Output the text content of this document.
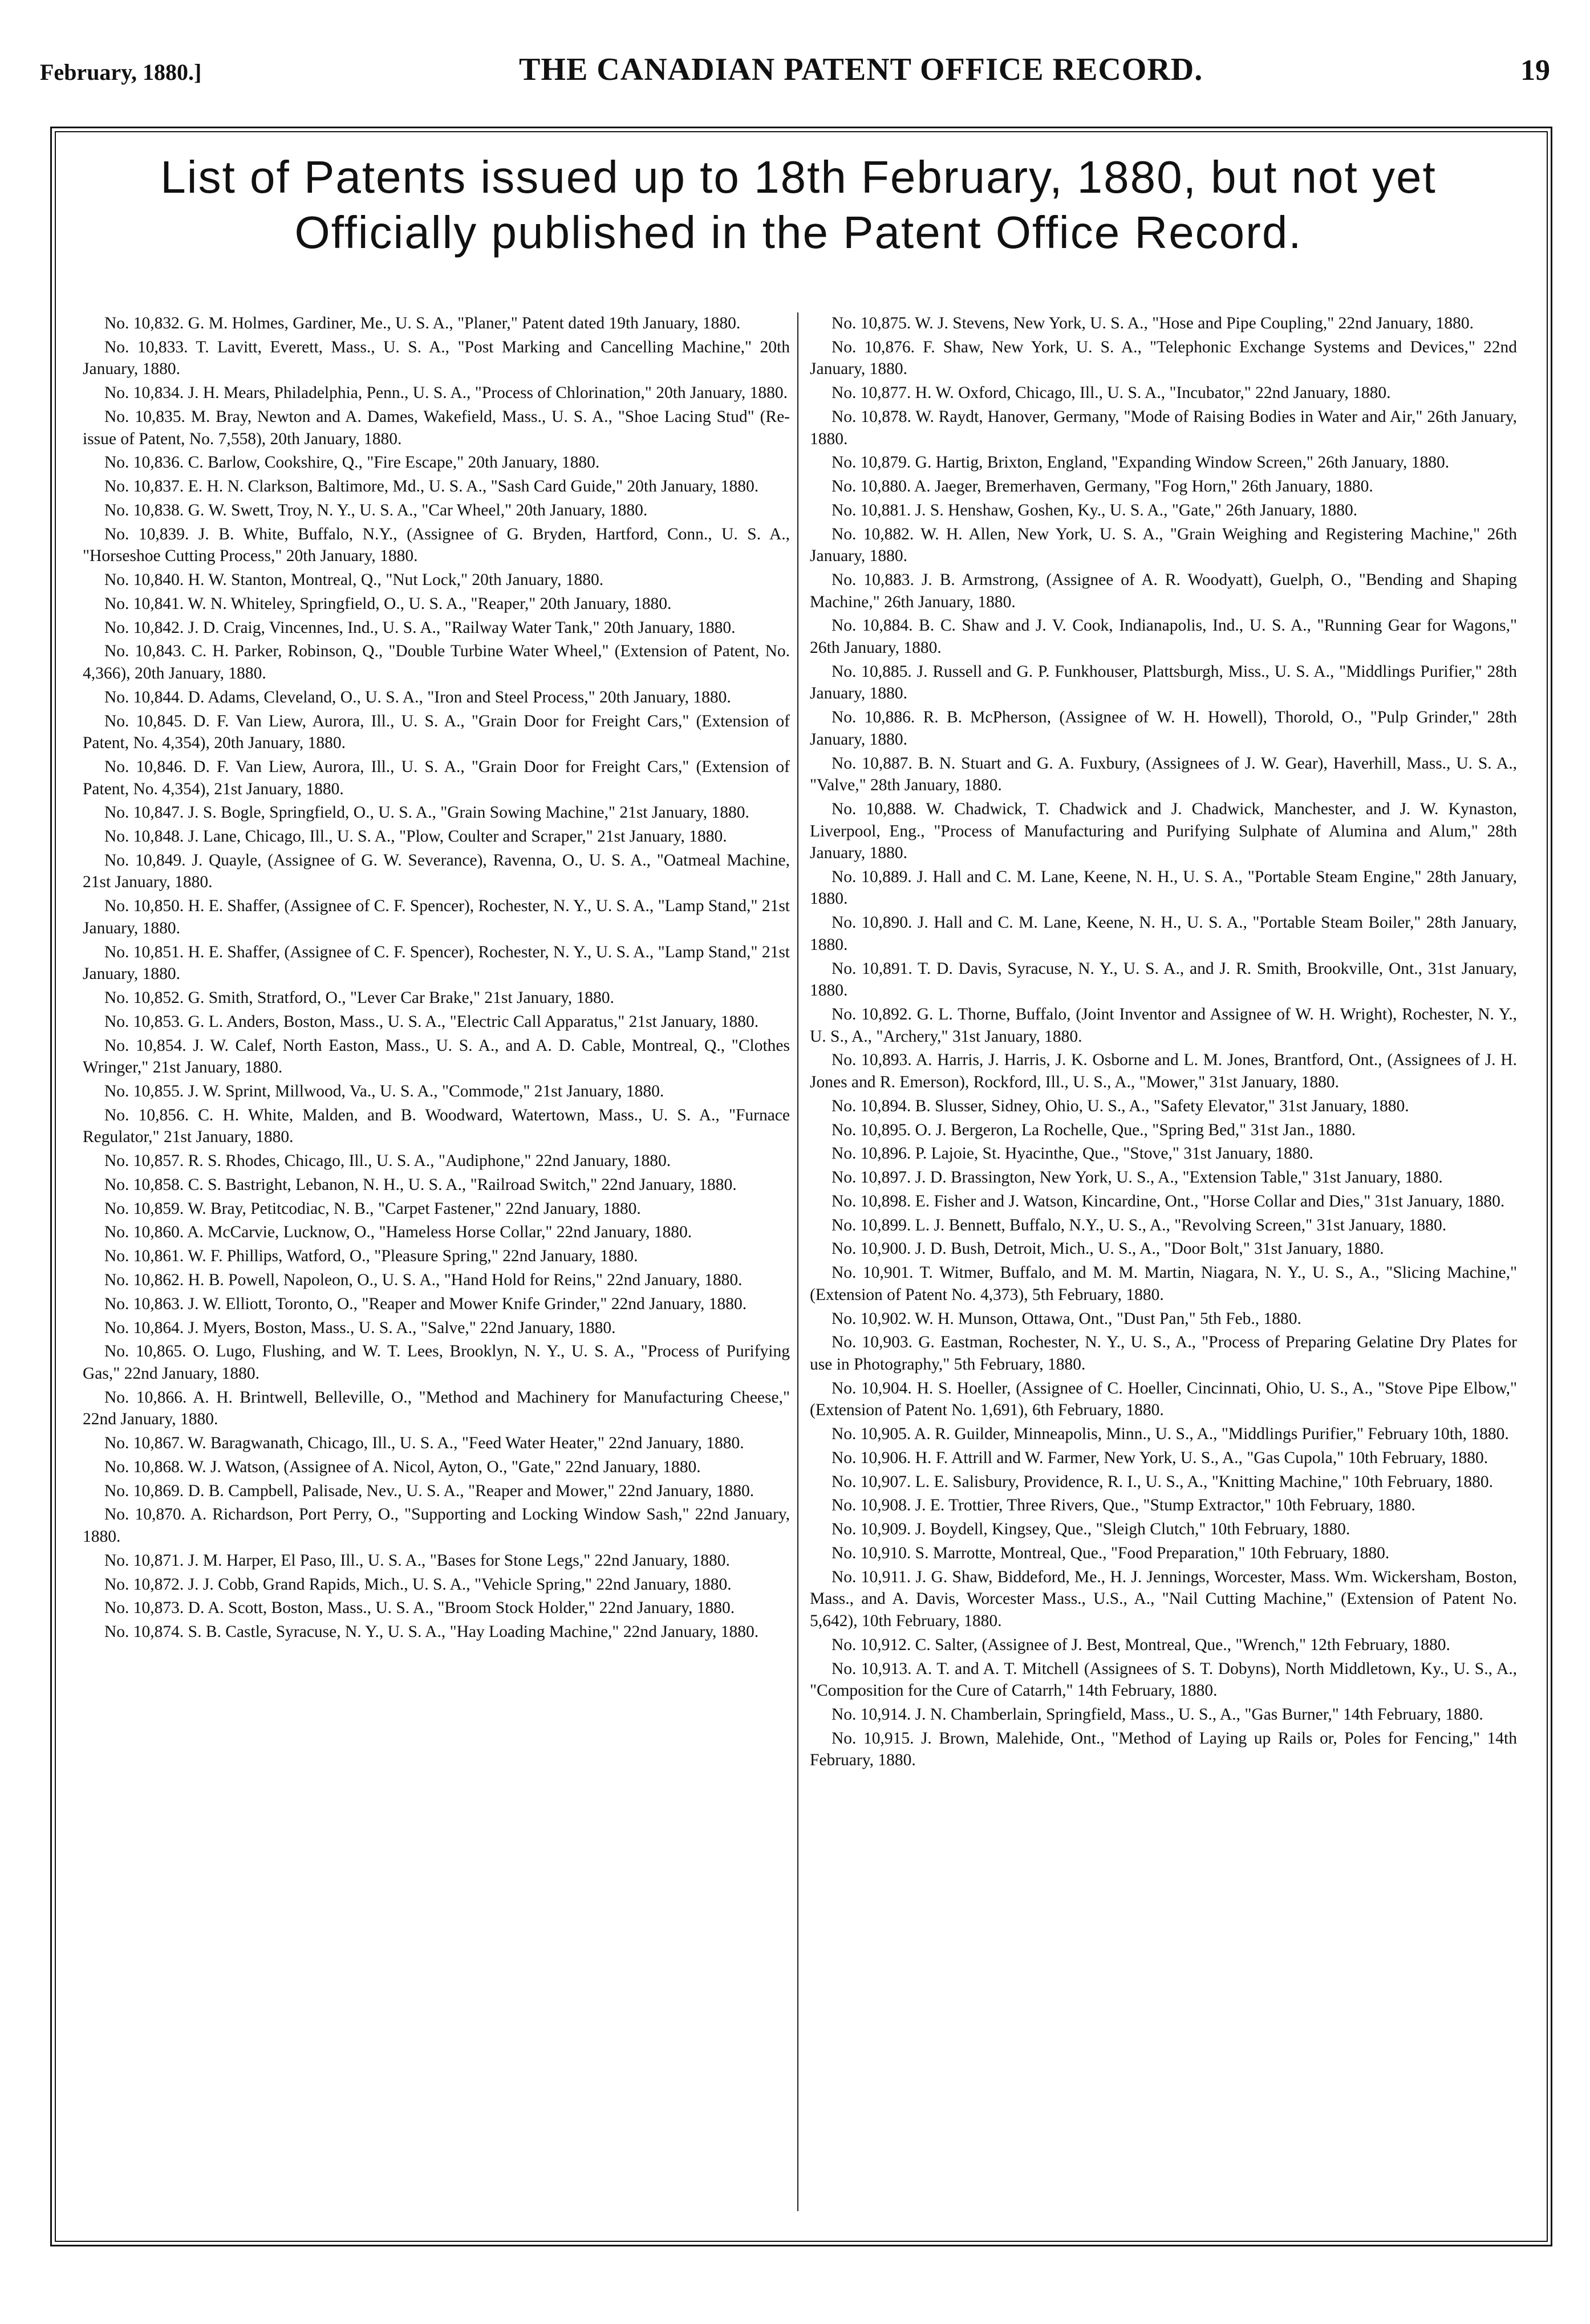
February, 1880.]	THE CANADIAN PATENT OFFICE RECORD.	19
List of Patents issued up to 18th February, 1880, but not yet
Officially published in the Patent Office Record.

No. 10,832. G. M. Holmes, Gardiner, Me., U. S. A., "Planer," Patent dated 19th January, 1880.

No. 10,833. T. Lavitt, Everett, Mass., U. S. A., "Post Marking and Cancelling Machine," 20th January, 1880.

No. 10,834. J. H. Mears, Philadelphia, Penn., U. S. A., "Process of Chlorination," 20th January, 1880.

No. 10,835. M. Bray, Newton and A. Dames, Wakefield, Mass., U. S. A., "Shoe Lacing Stud" (Re-issue of Patent, No. 7,558), 20th January, 1880.

No. 10,836. C. Barlow, Cookshire, Q., "Fire Escape," 20th January, 1880.

No. 10,837. E. H. N. Clarkson, Baltimore, Md., U. S. A., "Sash Card Guide," 20th January, 1880.

No. 10,838. G. W. Swett, Troy, N. Y., U. S. A., "Car Wheel," 20th January, 1880.

No. 10,839. J. B. White, Buffalo, N.Y., (Assignee of G. Bryden, Hartford, Conn., U. S. A., "Horseshoe Cutting Process," 20th January, 1880.

No. 10,840. H. W. Stanton, Montreal, Q., "Nut Lock," 20th January, 1880.

No. 10,841. W. N. Whiteley, Springfield, O., U. S. A., "Reaper," 20th January, 1880.

No. 10,842. J. D. Craig, Vincennes, Ind., U. S. A., "Railway Water Tank," 20th January, 1880.

No. 10,843. C. H. Parker, Robinson, Q., "Double Turbine Water Wheel," (Extension of Patent, No. 4,366), 20th January, 1880.

No. 10,844. D. Adams, Cleveland, O., U. S. A., "Iron and Steel Process," 20th January, 1880.

No. 10,845. D. F. Van Liew, Aurora, Ill., U. S. A., "Grain Door for Freight Cars," (Extension of Patent, No. 4,354), 20th January, 1880.

No. 10,846. D. F. Van Liew, Aurora, Ill., U. S. A., "Grain Door for Freight Cars," (Extension of Patent, No. 4,354), 21st January, 1880.

No. 10,847. J. S. Bogle, Springfield, O., U. S. A., "Grain Sowing Machine," 21st January, 1880.

No. 10,848. J. Lane, Chicago, Ill., U. S. A., "Plow, Coulter and Scraper," 21st January, 1880.

No. 10,849. J. Quayle, (Assignee of G. W. Severance), Ravenna, O., U. S. A., "Oatmeal Machine, 21st January, 1880.

No. 10,850. H. E. Shaffer, (Assignee of C. F. Spencer), Rochester, N. Y., U. S. A., "Lamp Stand," 21st January, 1880.

No. 10,851. H. E. Shaffer, (Assignee of C. F. Spencer), Rochester, N. Y., U. S. A., "Lamp Stand," 21st January, 1880.

No. 10,852. G. Smith, Stratford, O., "Lever Car Brake," 21st January, 1880.

No. 10,853. G. L. Anders, Boston, Mass., U. S. A., "Electric Call Apparatus," 21st January, 1880.

No. 10,854. J. W. Calef, North Easton, Mass., U. S. A., and A. D. Cable, Montreal, Q., "Clothes Wringer," 21st January, 1880.

No. 10,855. J. W. Sprint, Millwood, Va., U. S. A., "Commode," 21st January, 1880.

No. 10,856. C. H. White, Malden, and B. Woodward, Watertown, Mass., U. S. A., "Furnace Regulator," 21st January, 1880.

No. 10,857. R. S. Rhodes, Chicago, Ill., U. S. A., "Audiphone," 22nd January, 1880.

No. 10,858. C. S. Bastright, Lebanon, N. H., U. S. A., "Railroad Switch," 22nd January, 1880.

No. 10,859. W. Bray, Petitcodiac, N. B., "Carpet Fastener," 22nd January, 1880.

No. 10,860. A. McCarvie, Lucknow, O., "Hameless Horse Collar," 22nd January, 1880.

No. 10,861. W. F. Phillips, Watford, O., "Pleasure Spring," 22nd January, 1880.

No. 10,862. H. B. Powell, Napoleon, O., U. S. A., "Hand Hold for Reins," 22nd January, 1880.

No. 10,863. J. W. Elliott, Toronto, O., "Reaper and Mower Knife Grinder," 22nd January, 1880.

No. 10,864. J. Myers, Boston, Mass., U. S. A., "Salve," 22nd January, 1880.

No. 10,865. O. Lugo, Flushing, and W. T. Lees, Brooklyn, N. Y., U. S. A., "Process of Purifying Gas," 22nd January, 1880.

No. 10,866. A. H. Brintwell, Belleville, O., "Method and Machinery for Manufacturing Cheese," 22nd January, 1880.

No. 10,867. W. Baragwanath, Chicago, Ill., U. S. A., "Feed Water Heater," 22nd January, 1880.

No. 10,868. W. J. Watson, (Assignee of A. Nicol, Ayton, O., "Gate," 22nd January, 1880.

No. 10,869. D. B. Campbell, Palisade, Nev., U. S. A., "Reaper and Mower," 22nd January, 1880.

No. 10,870. A. Richardson, Port Perry, O., "Supporting and Locking Window Sash," 22nd January, 1880.

No. 10,871. J. M. Harper, El Paso, Ill., U. S. A., "Bases for Stone Legs," 22nd January, 1880.

No. 10,872. J. J. Cobb, Grand Rapids, Mich., U. S. A., "Vehicle Spring," 22nd January, 1880.

No. 10,873. D. A. Scott, Boston, Mass., U. S. A., "Broom Stock Holder," 22nd January, 1880.

No. 10,874. S. B. Castle, Syracuse, N. Y., U. S. A., "Hay Loading Machine," 22nd January, 1880.

No. 10,875. W. J. Stevens, New York, U. S. A., "Hose and Pipe Coupling," 22nd January, 1880.

No. 10,876. F. Shaw, New York, U. S. A., "Telephonic Exchange Systems and Devices," 22nd January, 1880.

No. 10,877. H. W. Oxford, Chicago, Ill., U. S. A., "Incubator," 22nd January, 1880.

No. 10,878. W. Raydt, Hanover, Germany, "Mode of Raising Bodies in Water and Air," 26th January, 1880.

No. 10,879. G. Hartig, Brixton, England, "Expanding Window Screen," 26th January, 1880.

No. 10,880. A. Jaeger, Bremerhaven, Germany, "Fog Horn," 26th January, 1880.

No. 10,881. J. S. Henshaw, Goshen, Ky., U. S. A., "Gate," 26th January, 1880.

No. 10,882. W. H. Allen, New York, U. S. A., "Grain Weighing and Registering Machine," 26th January, 1880.

No. 10,883. J. B. Armstrong, (Assignee of A. R. Woodyatt), Guelph, O., "Bending and Shaping Machine," 26th January, 1880.

No. 10,884. B. C. Shaw and J. V. Cook, Indianapolis, Ind., U. S. A., "Running Gear for Wagons," 26th January, 1880.

No. 10,885. J. Russell and G. P. Funkhouser, Plattsburgh, Miss., U. S. A., "Middlings Purifier," 28th January, 1880.

No. 10,886. R. B. McPherson, (Assignee of W. H. Howell), Thorold, O., "Pulp Grinder," 28th January, 1880.

No. 10,887. B. N. Stuart and G. A. Fuxbury, (Assignees of J. W. Gear), Haverhill, Mass., U. S. A., "Valve," 28th January, 1880.

No. 10,888. W. Chadwick, T. Chadwick and J. Chadwick, Manchester, and J. W. Kynaston, Liverpool, Eng., "Process of Manufacturing and Purifying Sulphate of Alumina and Alum," 28th January, 1880.

No. 10,889. J. Hall and C. M. Lane, Keene, N. H., U. S. A., "Portable Steam Engine," 28th January, 1880.

No. 10,890. J. Hall and C. M. Lane, Keene, N. H., U. S. A., "Portable Steam Boiler," 28th January, 1880.

No. 10,891. T. D. Davis, Syracuse, N. Y., U. S. A., and J. R. Smith, Brookville, Ont., 31st January, 1880.

No. 10,892. G. L. Thorne, Buffalo, (Joint Inventor and Assignee of W. H. Wright), Rochester, N. Y., U. S., A., "Archery," 31st January, 1880.

No. 10,893. A. Harris, J. Harris, J. K. Osborne and L. M. Jones, Brantford, Ont., (Assignees of J. H. Jones and R. Emerson), Rockford, Ill., U. S., A., "Mower," 31st January, 1880.

No. 10,894. B. Slusser, Sidney, Ohio, U. S., A., "Safety Elevator," 31st January, 1880.

No. 10,895. O. J. Bergeron, La Rochelle, Que., "Spring Bed," 31st Jan., 1880.

No. 10,896. P. Lajoie, St. Hyacinthe, Que., "Stove," 31st January, 1880.

No. 10,897. J. D. Brassington, New York, U. S., A., "Extension Table," 31st January, 1880.

No. 10,898. E. Fisher and J. Watson, Kincardine, Ont., "Horse Collar and Dies," 31st January, 1880.

No. 10,899. L. J. Bennett, Buffalo, N.Y., U. S., A., "Revolving Screen," 31st January, 1880.

No. 10,900. J. D. Bush, Detroit, Mich., U. S., A., "Door Bolt," 31st January, 1880.

No. 10,901. T. Witmer, Buffalo, and M. M. Martin, Niagara, N. Y., U. S., A., "Slicing Machine," (Extension of Patent No. 4,373), 5th February, 1880.

No. 10,902. W. H. Munson, Ottawa, Ont., "Dust Pan," 5th Feb., 1880.

No. 10,903. G. Eastman, Rochester, N. Y., U. S., A., "Process of Preparing Gelatine Dry Plates for use in Photography," 5th February, 1880.

No. 10,904. H. S. Hoeller, (Assignee of C. Hoeller, Cincinnati, Ohio, U. S., A., "Stove Pipe Elbow," (Extension of Patent No. 1,691), 6th February, 1880.

No. 10,905. A. R. Guilder, Minneapolis, Minn., U. S., A., "Middlings Purifier," February 10th, 1880.

No. 10,906. H. F. Attrill and W. Farmer, New York, U. S., A., "Gas Cupola," 10th February, 1880.

No. 10,907. L. E. Salisbury, Providence, R. I., U. S., A., "Knitting Machine," 10th February, 1880.

No. 10,908. J. E. Trottier, Three Rivers, Que., "Stump Extractor," 10th February, 1880.

No. 10,909. J. Boydell, Kingsey, Que., "Sleigh Clutch," 10th February, 1880.

No. 10,910. S. Marrotte, Montreal, Que., "Food Preparation," 10th February, 1880.

No. 10,911. J. G. Shaw, Biddeford, Me., H. J. Jennings, Worcester, Mass. Wm. Wickersham, Boston, Mass., and A. Davis, Worcester Mass., U.S., A., "Nail Cutting Machine," (Extension of Patent No. 5,642), 10th February, 1880.

No. 10,912. C. Salter, (Assignee of J. Best, Montreal, Que., "Wrench," 12th February, 1880.

No. 10,913. A. T. and A. T. Mitchell (Assignees of S. T. Dobyns), North Middletown, Ky., U. S., A., "Composition for the Cure of Catarrh," 14th February, 1880.

No. 10,914. J. N. Chamberlain, Springfield, Mass., U. S., A., "Gas Burner," 14th February, 1880.

No. 10,915. J. Brown, Malehide, Ont., "Method of Laying up Rails or, Poles for Fencing," 14th February, 1880.
